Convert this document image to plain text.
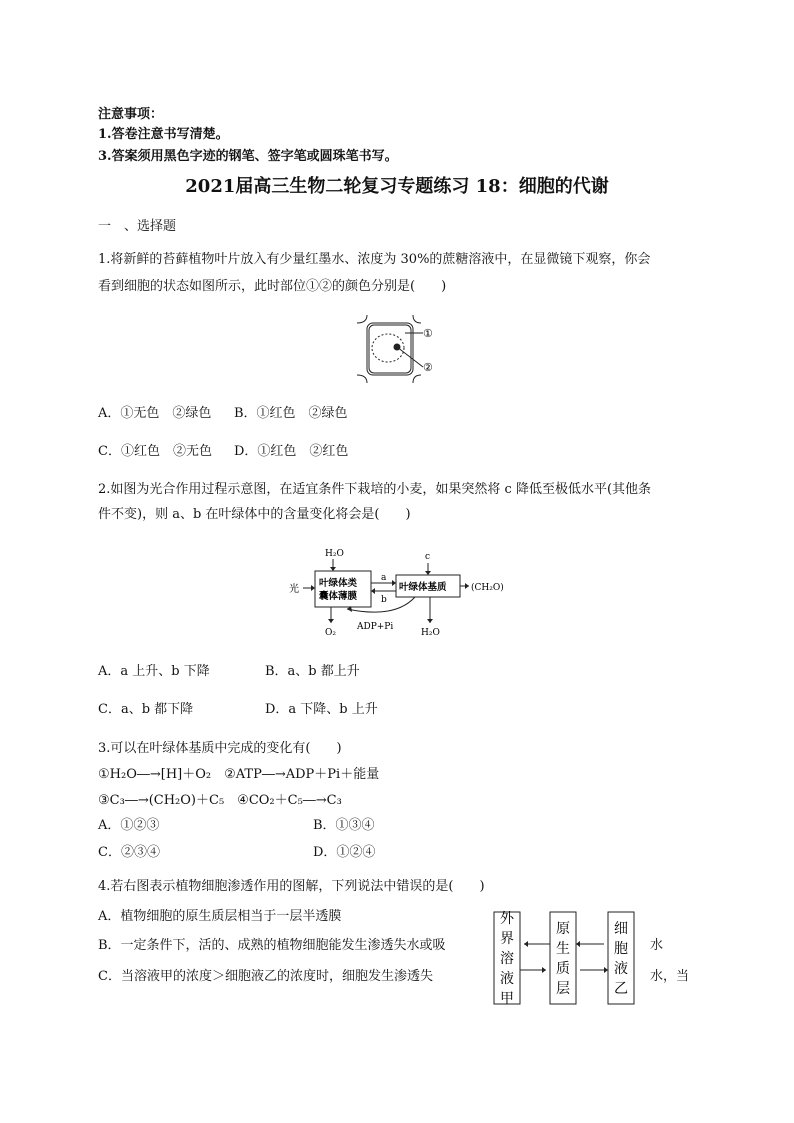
注意事项：
1.答卷注意书写清楚。
3.答案须用黑色字迹的钢笔、签字笔或圆珠笔书写。
2021届高三生物二轮复习专题练习 18：细胞的代谢
一　、选择题
1.将新鲜的苔藓植物叶片放入有少量红墨水、浓度为 30%的蔗糖溶液中，在显微镜下观察，你会
看到细胞的状态如图所示，此时部位①②的颜色分别是(　　)
①
②
A．①无色　②绿色 B．①红色　②绿色
C．①红色　②无色 D．①红色　②红色
2.如图为光合作用过程示意图，在适宜条件下栽培的小麦，如果突然将 c 降低至极低水平(其他条
件不变)，则 a、b 在叶绿体中的含量变化将会是(　　)
H₂O
光
叶绿体类
囊体薄膜
a
b
c
叶绿体基质	(CH₂O)
O₂
ADP+Pi
H₂O
A．a 上升、b 下降	B．a、b 都上升
C．a、b 都下降	D．a 下降、b 上升
3.可以在叶绿体基质中完成的变化有(　　)
①H₂O―→[H]＋O₂　②ATP―→ADP＋Pi＋能量
③C₃―→(CH₂O)＋C₅　④CO₂＋C₅―→C₃
A．①②③	B．①③④
C．②③④	D．①②④
4.若右图表示植物细胞渗透作用的图解，下列说法中错误的是(　　)
A．植物细胞的原生质层相当于一层半透膜
B．一定条件下，活的、成熟的植物细胞能发生渗透失水或吸	水
C．当溶液甲的浓度＞细胞液乙的浓度时，细胞发生渗透失	水，当
外界溶液甲
原生质层
细胞液乙
